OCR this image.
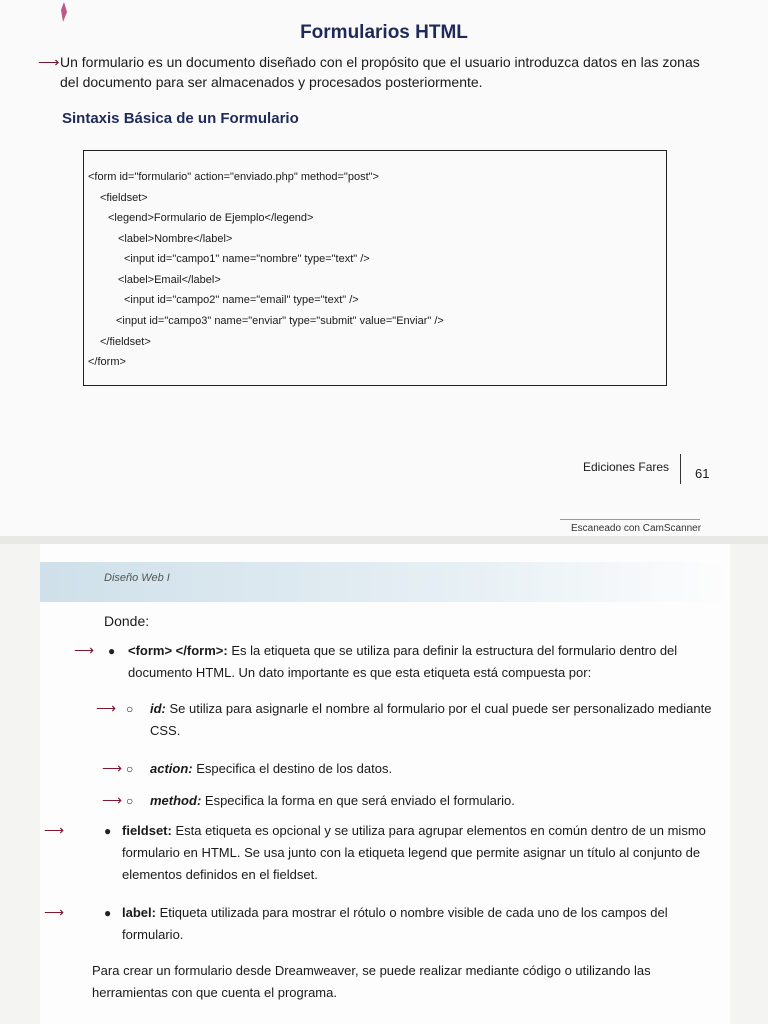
Formularios HTML
⟶ Un formulario es un documento diseñado con el propósito que el usuario introduzca datos en las zonas del documento para ser almacenados y procesados posteriormente.

Sintaxis Básica de un Formulario
<form id="formulario" action="enviado.php" method="post">
<fieldset>
<legend>Formulario de Ejemplo</legend>
<label>Nombre</label>
<input id="campo1" name="nombre" type="text" />
<label>Email</label>
<input id="campo2" name="email" type="text" />
<input id="campo3" name="enviar" type="submit" value="Enviar" />
</fieldset>
</form>
Ediciones Fares 61
Escaneado con CamScanner
Diseño Web I
Donde:
⟶ ● <form> </form>: Es la etiqueta que se utiliza para definir la estructura del formulario dentro del documento HTML. Un dato importante es que esta etiqueta está compuesta por:
⟶ ○ id: Se utiliza para asignarle el nombre al formulario por el cual puede ser personalizado mediante CSS.
⟶ ○ action: Especifica el destino de los datos.
⟶ ○ method: Especifica la forma en que será enviado el formulario.
⟶	● fieldset: Esta etiqueta es opcional y se utiliza para agrupar elementos en común dentro de un mismo formulario en HTML. Se usa junto con la etiqueta legend que permite asignar un título al conjunto de elementos definidos en el fieldset.
⟶	● label: Etiqueta utilizada para mostrar el rótulo o nombre visible de cada uno de los campos del formulario.
Para crear un formulario desde Dreamweaver, se puede realizar mediante código o utilizando las herramientas con que cuenta el programa.
